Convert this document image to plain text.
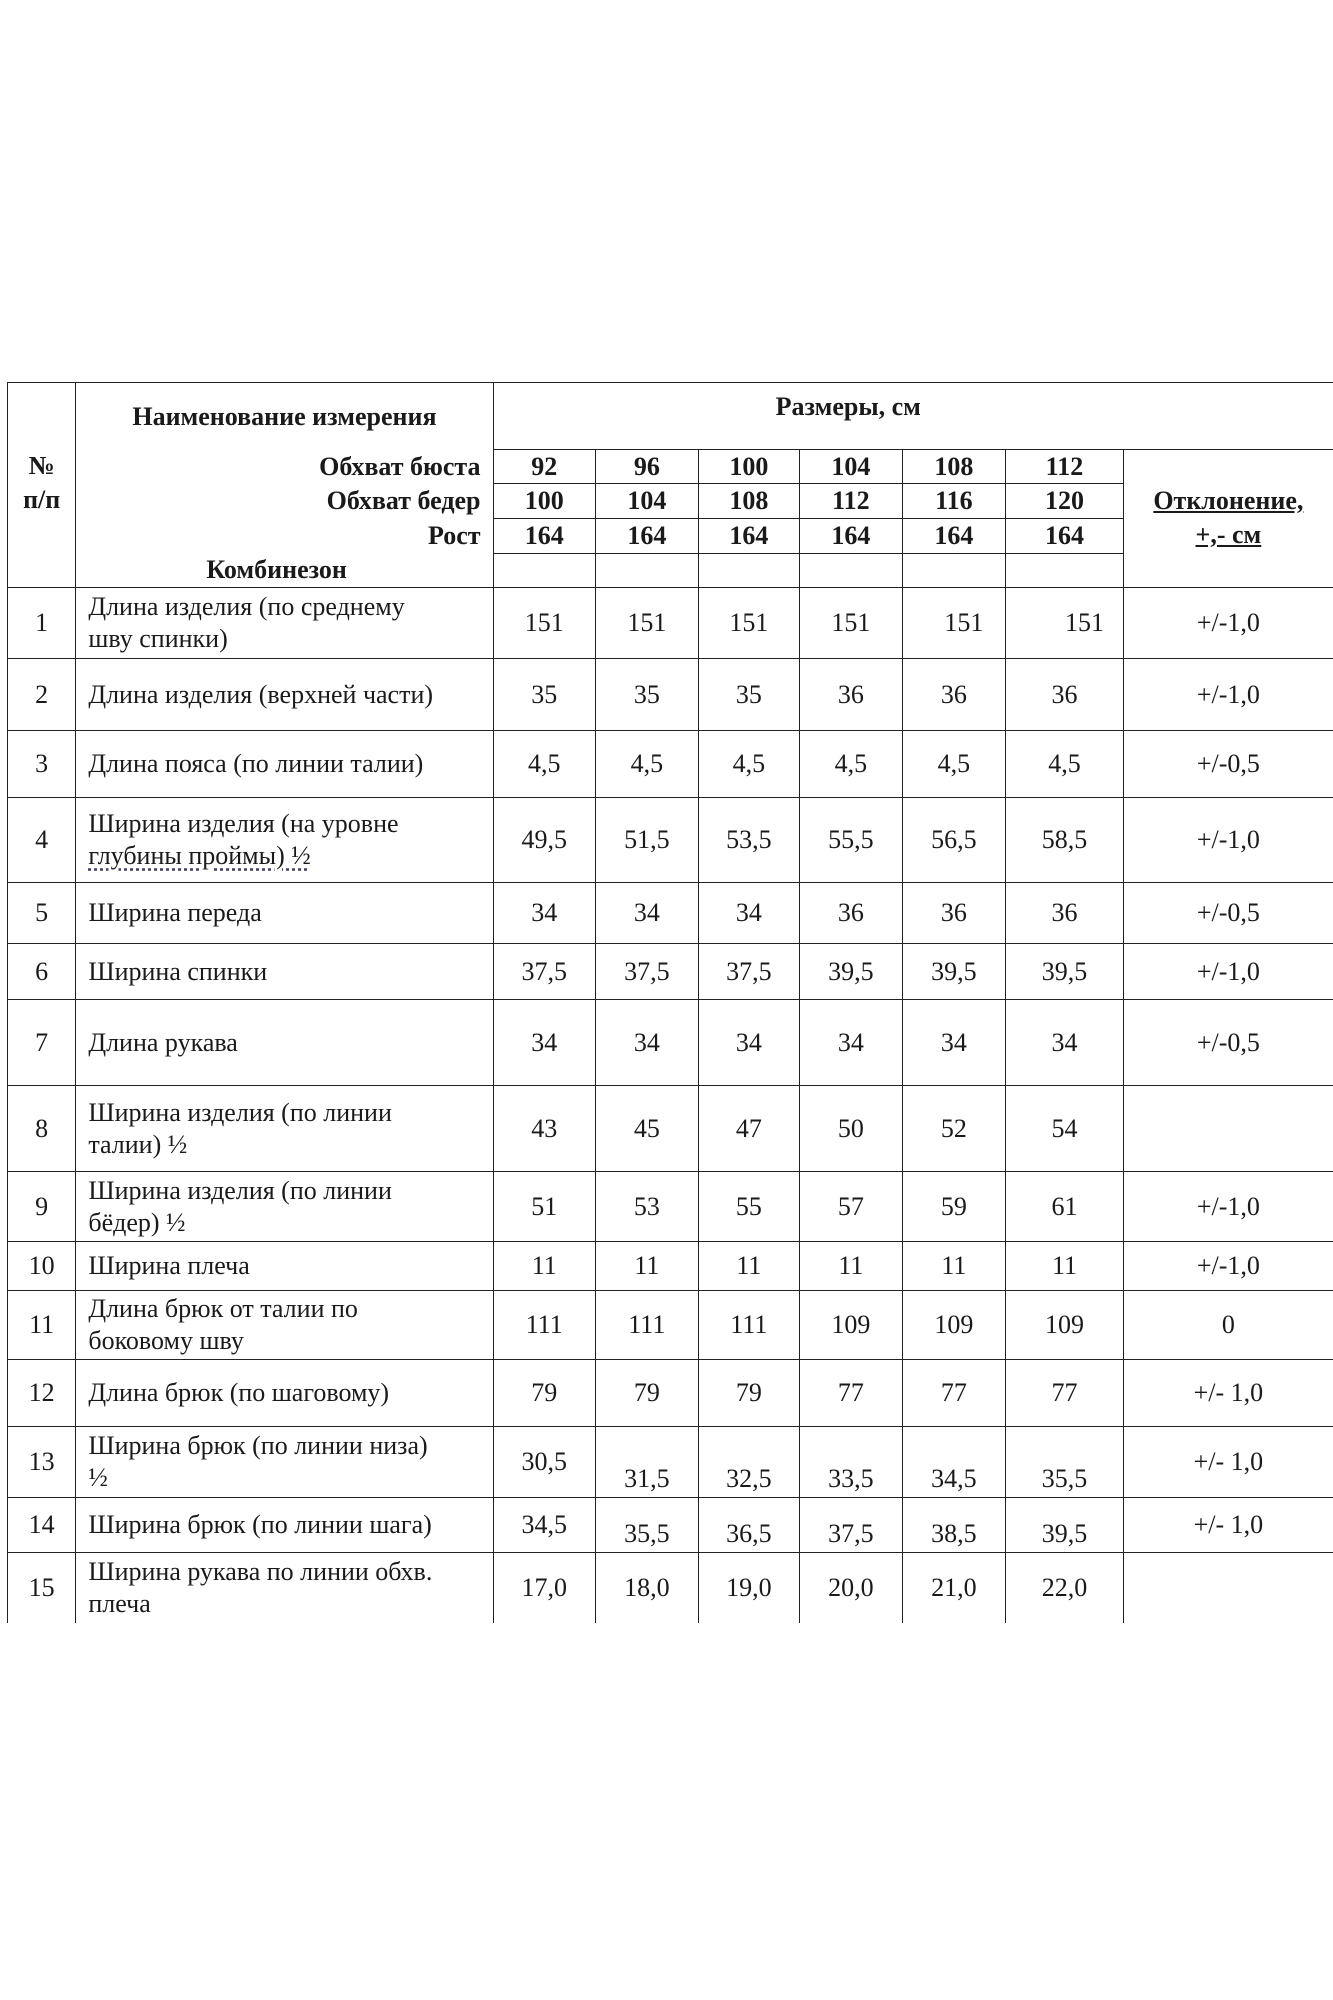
	Наименование измерения	Размеры, см						
№	Обхват бюста	92	96	100	104	108	112	
п/п	Обхват бедер	100	104	108	112	116	120	Отклонение,
	Рост	164	164	164	164	164	164	+,- см
	Комбинезон							
1	Длина изделия (по среднему
шву спинки)	151	151	151	151	151	151	+/-1,0
2	Длина изделия (верхней части)	35	35	35	36	36	36	+/-1,0
3	Длина пояса (по линии талии)	4,5	4,5	4,5	4,5	4,5	4,5	+/-0,5
4	Ширина изделия (на уровне
глубины проймы) ½	49,5	51,5	53,5	55,5	56,5	58,5	+/-1,0
5	Ширина переда	34	34	34	36	36	36	+/-0,5
6	Ширина спинки	37,5	37,5	37,5	39,5	39,5	39,5	+/-1,0
7	Длина рукава	34	34	34	34	34	34	+/-0,5
8	Ширина изделия (по линии
талии) ½	43	45	47	50	52	54	
9	Ширина изделия (по линии
бёдер) ½	51	53	55	57	59	61	+/-1,0
10	Ширина плеча	11	11	11	11	11	11	+/-1,0
11	Длина брюк от талии по
боковому шву	111	111	111	109	109	109	0
12	Длина брюк (по шаговому)	79	79	79	77	77	77	+/- 1,0
13	Ширина брюк (по линии низа)
½	30,5	31,5	32,5	33,5	34,5	35,5	+/- 1,0
14	Ширина брюк (по линии шага)	34,5	35,5	36,5	37,5	38,5	39,5	+/- 1,0
15	Ширина рукава по линии обхв.
плеча	17,0	18,0	19,0	20,0	21,0	22,0	
